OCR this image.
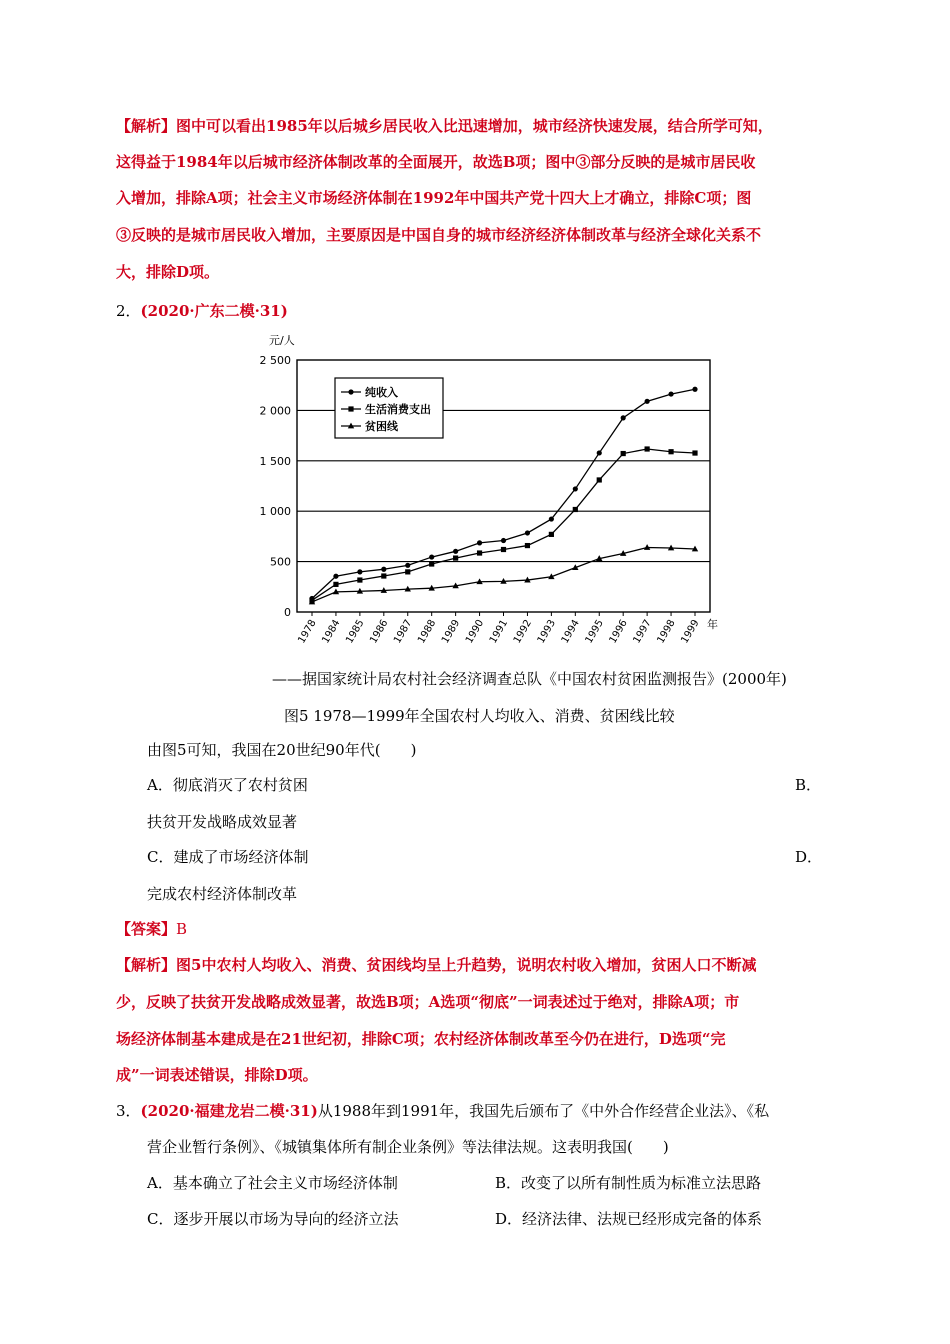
【解析】图中可以看出1985年以后城乡居民收入比迅速增加，城市经济快速发展，结合所学可知，
这得益于1984年以后城市经济体制改革的全面展开，故选B项；图中③部分反映的是城市居民收
入增加，排除A项；社会主义市场经济体制在1992年中国共产党十四大上才确立，排除C项；图
③反映的是城市居民收入增加，主要原因是中国自身的城市经济经济体制改革与经济全球化关系不
大，排除D项。
2．(2020·广东二模·31)
元/人
年
0
500
1 000
1 500
2 000
2 500
1978 1984 1985 1986 1987 1988 1989 1990 1991 1992 1993 1994 1995 1996 1997 1998 1999
纯收入
生活消费支出
贫困线
——据国家统计局农村社会经济调查总队《中国农村贫困监测报告》(2000年)
图5 1978—1999年全国农村人均收入、消费、贫困线比较
由图5可知，我国在20世纪90年代(　　)
A．彻底消灭了农村贫困	B．
扶贫开发战略成效显著
C．建成了市场经济体制	D．
完成农村经济体制改革
【答案】B
【解析】图5中农村人均收入、消费、贫困线均呈上升趋势，说明农村收入增加，贫困人口不断减
少，反映了扶贫开发战略成效显著，故选B项；A选项“彻底”一词表述过于绝对，排除A项；市
场经济体制基本建成是在21世纪初，排除C项；农村经济体制改革至今仍在进行，D选项“完
成”一词表述错误，排除D项。
3．(2020·福建龙岩二模·31)从1988年到1991年，我国先后颁布了《中外合作经营企业法》、《私
营企业暂行条例》、《城镇集体所有制企业条例》等法律法规。这表明我国(　　)
A．基本确立了社会主义市场经济体制	B．改变了以所有制性质为标准立法思路
C．逐步开展以市场为导向的经济立法	D．经济法律、法规已经形成完备的体系
